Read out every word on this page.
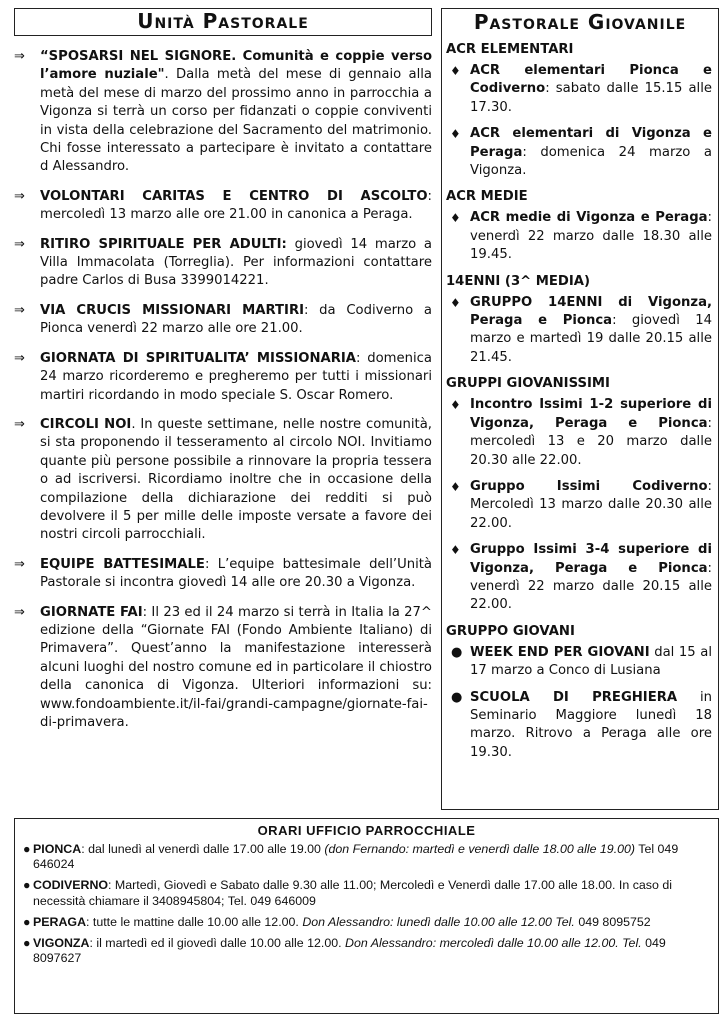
Unità Pastorale
⇒ “SPOSARSI NEL SIGNORE. Comunità e coppie verso l’amore nuziale". Dalla metà del mese di gennaio alla metà del mese di marzo del prossimo anno in parrocchia a Vigonza si terrà un corso per fidanzati o coppie conviventi in vista della celebrazione del Sacramento del matrimonio. Chi fosse interessato a partecipare è invitato a contattare d Alessandro.
⇒ VOLONTARI CARITAS E CENTRO DI ASCOLTO: mercoledì 13 marzo alle ore 21.00 in canonica a Peraga.
⇒ RITIRO SPIRITUALE PER ADULTI: giovedì 14 marzo a Villa Immacolata (Torreglia). Per informazioni contattare padre Carlos di Busa 3399014221.
⇒ VIA CRUCIS MISSIONARI MARTIRI: da Codiverno a Pionca venerdì 22 marzo alle ore 21.00.
⇒ GIORNATA DI SPIRITUALITA’ MISSIONARIA: domenica 24 marzo ricorderemo e pregheremo per tutti i missionari martiri ricordando in modo speciale S. Oscar Romero.
⇒ CIRCOLI NOI. In queste settimane, nelle nostre comunità, si sta proponendo il tesseramento al circolo NOI. Invitiamo quante più persone possibile a rinnovare la propria tessera o ad iscriversi. Ricordiamo inoltre che in occasione della compilazione della dichiarazione dei redditi si può devolvere il 5 per mille delle imposte versate a favore dei nostri circoli parrocchiali.
⇒ EQUIPE BATTESIMALE: L’equipe battesimale dell’Unità Pastorale si incontra giovedì 14 alle ore 20.30 a Vigonza.
⇒ GIORNATE FAI: Il 23 ed il 24 marzo si terrà in Italia la 27^ edizione della “Giornate FAI (Fondo Ambiente Italiano) di Primavera”. Quest’anno la manifestazione interesserà alcuni luoghi del nostro comune ed in particolare il chiostro della canonica di Vigonza. Ulteriori informazioni su: www.fondoambiente.it/il-fai/grandi-campagne/giornate-fai-di-primavera.
Pastorale Giovanile
ACR ELEMENTARI
♦ ACR elementari Pionca e Codiverno: sabato dalle 15.15 alle 17.30.
♦ ACR elementari di Vigonza e Peraga: domenica 24 marzo a Vigonza.
ACR MEDIE
♦ ACR medie di Vigonza e Peraga: venerdì 22 marzo dalle 18.30 alle 19.45.
14ENNI (3^ MEDIA)
♦ GRUPPO 14ENNI di Vigonza, Peraga e Pionca: giovedì 14 marzo e martedì 19 dalle 20.15 alle 21.45.
GRUPPI GIOVANISSIMI
♦ Incontro Issimi 1-2 superiore di Vigonza, Peraga e Pionca: mercoledì 13 e 20 marzo dalle 20.30 alle 22.00.
♦ Gruppo Issimi Codiverno: Mercoledì 13 marzo dalle 20.30 alle 22.00.
♦ Gruppo Issimi 3-4 superiore di Vigonza, Peraga e Pionca: venerdì 22 marzo dalle 20.15 alle 22.00.
GRUPPO GIOVANI
● WEEK END PER GIOVANI dal 15 al 17 marzo a Conco di Lusiana
● SCUOLA DI PREGHIERA in Seminario Maggiore lunedì 18 marzo. Ritrovo a Peraga alle ore 19.30.
ORARI UFFICIO PARROCCHIALE
● PIONCA: dal lunedì al venerdì dalle 17.00 alle 19.00 (don Fernando: martedì e venerdì dalle 18.00 alle 19.00) Tel 049 646024
● CODIVERNO: Martedì, Giovedì e Sabato dalle 9.30 alle 11.00; Mercoledì e Venerdì dalle 17.00 alle 18.00. In caso di necessità chiamare il 3408945804; Tel. 049 646009
● PERAGA: tutte le mattine dalle 10.00 alle 12.00. Don Alessandro: lunedì dalle 10.00 alle 12.00 Tel. 049 8095752
● VIGONZA: il martedì ed il giovedì dalle 10.00 alle 12.00. Don Alessandro: mercoledì dalle 10.00 alle 12.00. Tel. 049 8097627
